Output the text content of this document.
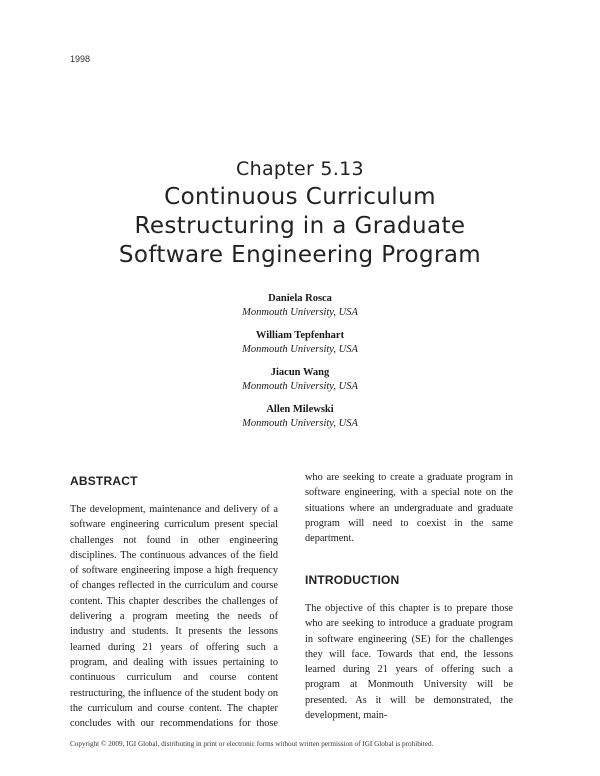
1998
Chapter 5.13
Continuous Curriculum
Restructuring in a Graduate
Software Engineering Program
Daniela Rosca
Monmouth University, USA
William Tepfenhart
Monmouth University, USA
Jiacun Wang
Monmouth University, USA
Allen Milewski
Monmouth University, USA
ABSTRACT
The development, maintenance and delivery of a software engineering curriculum present special challenges not found in other engineering disciplines. The continuous advances of the field of software engineering impose a high frequency of changes reflected in the curriculum and course content. This chapter describes the challenges of delivering a program meeting the needs of industry and students. It presents the lessons learned during 21 years of offering such a program, and dealing with issues pertaining to continuous curriculum and course content restructuring, the influence of the student body on the curriculum and course content. The chapter concludes with our recommendations for those
who are seeking to create a graduate program in software engineering, with a special note on the situations where an undergraduate and graduate program will need to coexist in the same department.
INTRODUCTION
The objective of this chapter is to prepare those who are seeking to introduce a graduate program in software engineering (SE) for the challenges they will face. Towards that end, the lessons learned during 21 years of offering such a program at Monmouth University will be presented. As it will be demonstrated, the development, main-
Copyright © 2009, IGI Global, distributing in print or electronic forms without written permission of IGI Global is prohibited.
